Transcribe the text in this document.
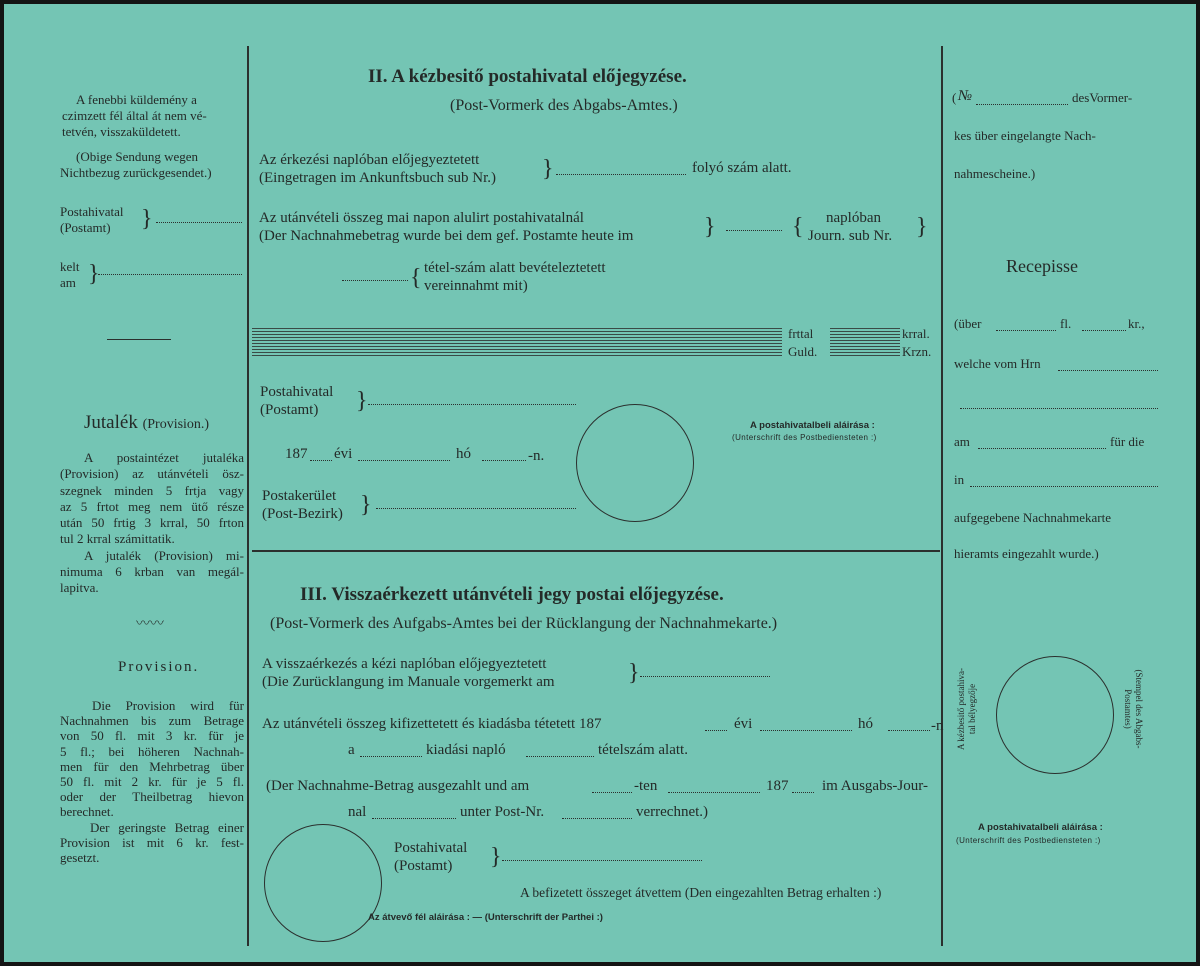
A fenebbi küldemény a
czimzett fél által át nem vé-
tetvén, visszaküldetett.
(Obige Sendung wegen
Nichtbezug zurückgesendet.)
Postahivatal
(Postamt) }
kelt
am }
Jutalék (Provision.)
A postaintézet jutaléka
(Provision) az utánvételi ösz-
szegnek minden 5 frtja vagy
az 5 frtot meg nem ütő része
után 50 frtig 3 krral, 50 frton
tul 2 krral számittatik.
A jutalék (Provision) mi-
nimuma 6 krban van megál-
lapitva.
〰〰
Provision.
Die Provision wird für
Nachnahmen bis zum Betrage
von 50 fl. mit 3 kr. für je
5 fl.; bei höheren Nachnah-
men für den Mehrbetrag über
50 fl. mit 2 kr. für je 5 fl.
oder der Theilbetrag hievon
berechnet.
Der geringste Betrag einer
Provision ist mit 6 kr. fest-
gesetzt.
II. A kézbesitő postahivatal előjegyzése.
(Post-Vormerk des Abgabs-Amtes.)
Az érkezési naplóban előjegyeztetett
(Eingetragen im Ankunftsbuch sub Nr.) }	folyó szám alatt.
Az utánvételi összeg mai napon alulirt postahivatalnál
(Der Nachnahmebetrag wurde bei dem gef. Postamte heute im	}	{ naplóban
Journ. sub Nr. }
{ tétel-szám alatt bevételeztetett
vereinnahmt mit)
frttal
Guld.
krral.
Krzn.
Postahivatal
(Postamt) }
187 évi	hó	-n.
Postakerület
(Post-Bezirk) }
A postahivatalbeli aláirása :
(Unterschrift des Postbediensteten :)
III. Visszaérkezett utánvételi jegy postai előjegyzése.
(Post-Vormerk des Aufgabs-Amtes bei der Rücklangung der Nachnahmekarte.)
A visszaérkezés a kézi naplóban előjegyeztetett
(Die Zurücklangung im Manuale vorgemerkt am	}
Az utánvételi összeg kifizettetett és kiadásba tétetett 187	évi	hó	-n
a	kiadási napló	tételszám alatt.
(Der Nachnahme-Betrag ausgezahlt und am	-ten	187 im Ausgabs-Jour-
nal	unter Post-Nr.	verrechnet.)
Postahivatal
(Postamt) }
A befizetett összeget átvettem (Den eingezahlten Betrag erhalten :)
Az átvevő fél aláirása : — (Unterschrift der Parthei :)
( №	desVormer-
kes über eingelangte Nach-
nahmescheine.)
Recepisse
(über	fl.	kr.,
welche vom Hrn
am	für die
in
aufgegebene Nachnahmekarte
hieramts eingezahlt wurde.)
A kézbesitő postahiva- tal bélyegzője	(Stempel des Abgabs-
Postamtes)
A postahivatalbeli aláirása :
(Unterschrift des Postbediensteten :)
